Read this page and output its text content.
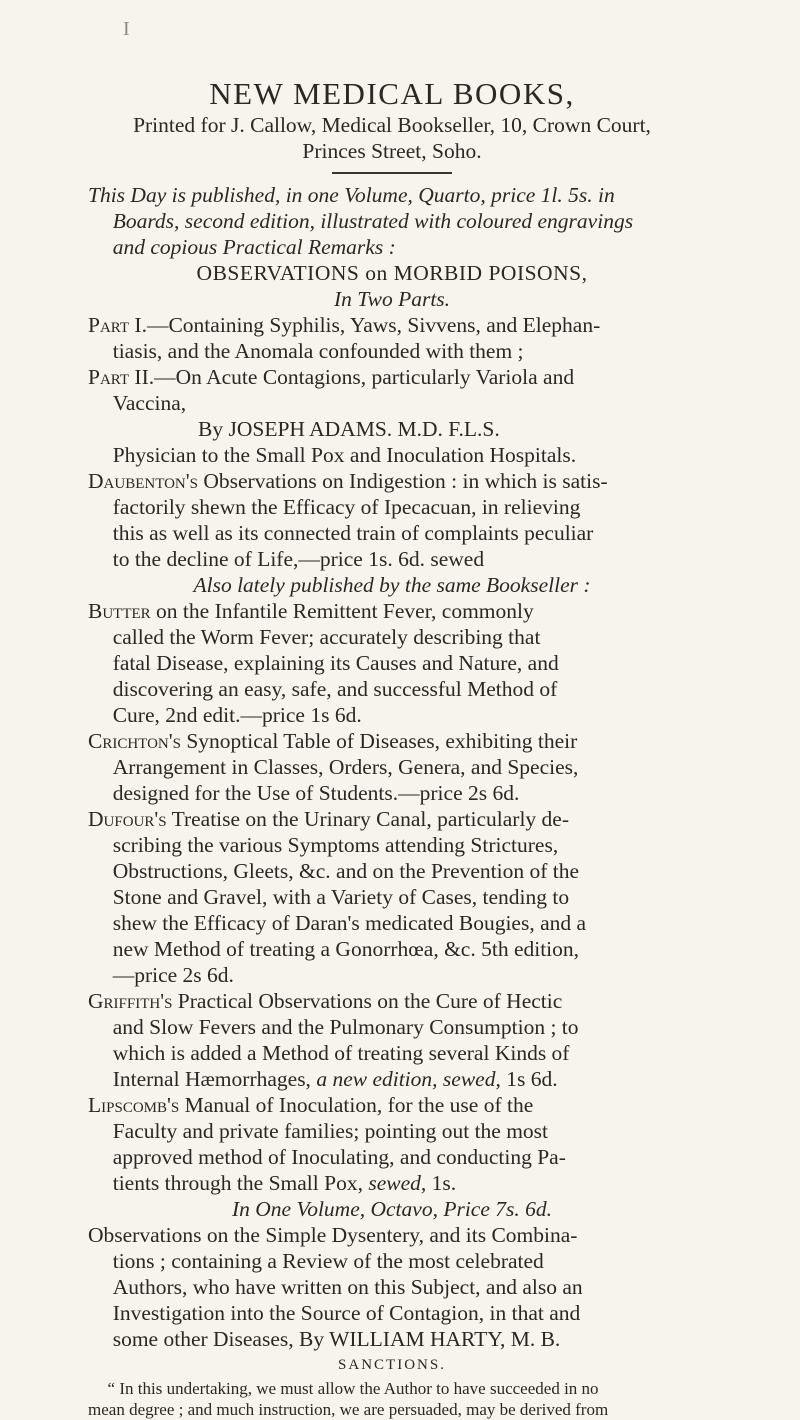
I
NEW MEDICAL BOOKS,
Printed for J. Callow, Medical Bookseller, 10, Crown Court,
Princes Street, Soho.
This Day is published, in one Volume, Quarto, price 1l. 5s. in
Boards, second edition, illustrated with coloured engravings
and copious Practical Remarks :
OBSERVATIONS on MORBID POISONS,
In Two Parts.
Part I.—Containing Syphilis, Yaws, Sivvens, and Elephan-
tiasis, and the Anomala confounded with them ;
Part II.—On Acute Contagions, particularly Variola and
Vaccina,
By JOSEPH ADAMS. M.D. F.L.S.
Physician to the Small Pox and Inoculation Hospitals.
Daubenton's Observations on Indigestion : in which is satis-
factorily shewn the Efficacy of Ipecacuan, in relieving
this as well as its connected train of complaints peculiar
to the decline of Life,—price 1s. 6d. sewed
Also lately published by the same Bookseller :
Butter on the Infantile Remittent Fever, commonly
called the Worm Fever; accurately describing that
fatal Disease, explaining its Causes and Nature, and
discovering an easy, safe, and successful Method of
Cure, 2nd edit.—price 1s 6d.
Crichton's Synoptical Table of Diseases, exhibiting their
Arrangement in Classes, Orders, Genera, and Species,
designed for the Use of Students.—price 2s 6d.
Dufour's Treatise on the Urinary Canal, particularly de-
scribing the various Symptoms attending Strictures,
Obstructions, Gleets, &c. and on the Prevention of the
Stone and Gravel, with a Variety of Cases, tending to
shew the Efficacy of Daran's medicated Bougies, and a
new Method of treating a Gonorrhœa, &c. 5th edition,
—price 2s 6d.
Griffith's Practical Observations on the Cure of Hectic
and Slow Fevers and the Pulmonary Consumption ; to
which is added a Method of treating several Kinds of
Internal Hæmorrhages, a new edition, sewed, 1s 6d.
Lipscomb's Manual of Inoculation, for the use of the
Faculty and private families; pointing out the most
approved method of Inoculating, and conducting Pa-
tients through the Small Pox, sewed, 1s.
In One Volume, Octavo, Price 7s. 6d.
Observations on the Simple Dysentery, and its Combina-
tions ; containing a Review of the most celebrated
Authors, who have written on this Subject, and also an
Investigation into the Source of Contagion, in that and
some other Diseases, By WILLIAM HARTY, M. B.
SANCTIONS.
“ In this undertaking, we must allow the Author to have succeeded in no
mean degree ; and much instruction, we are persuaded, may be derived from
